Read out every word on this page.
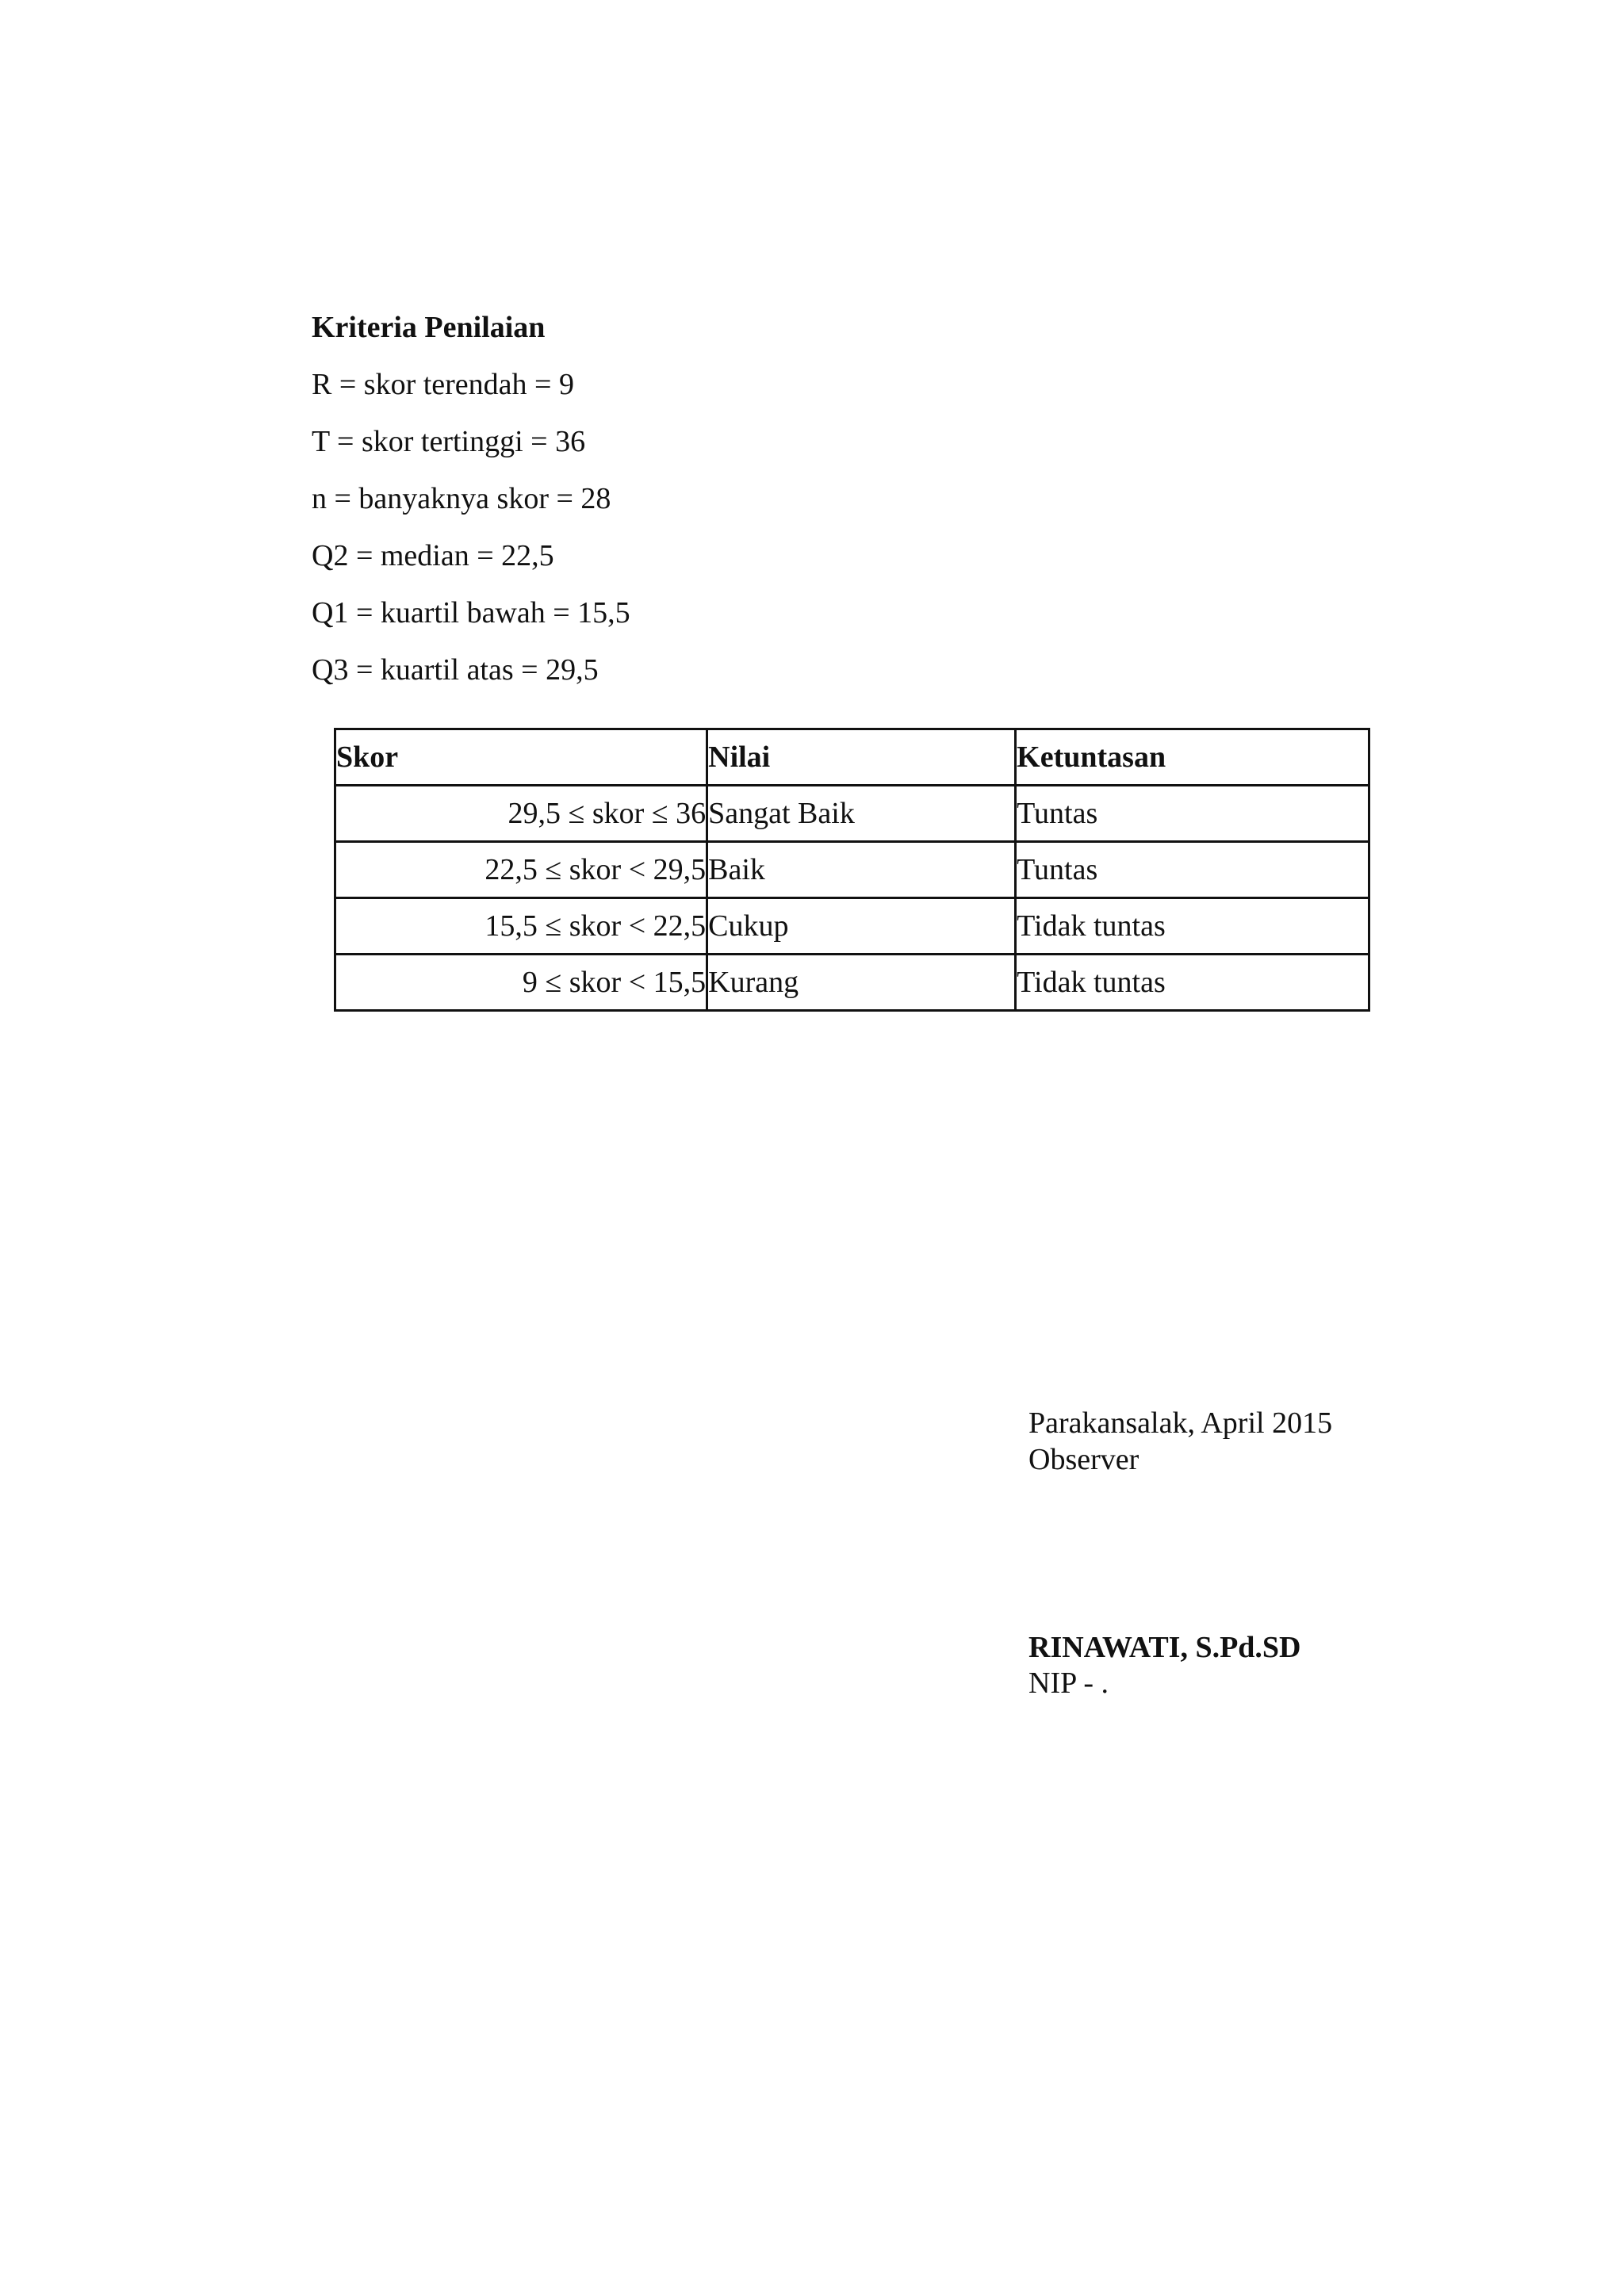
Kriteria Penilaian
R = skor terendah = 9
T = skor tertinggi = 36
n = banyaknya skor = 28
Q2 = median = 22,5
Q1 = kuartil bawah = 15,5
Q3 = kuartil atas = 29,5
Skor	Nilai	Ketuntasan
29,5 ≤ skor ≤ 36	Sangat Baik	Tuntas
22,5 ≤ skor < 29,5	Baik	Tuntas
15,5 ≤ skor < 22,5	Cukup	Tidak tuntas
9 ≤ skor < 15,5	Kurang	Tidak tuntas
Parakansalak, April 2015
Observer
RINAWATI, S.Pd.SD
NIP - .
